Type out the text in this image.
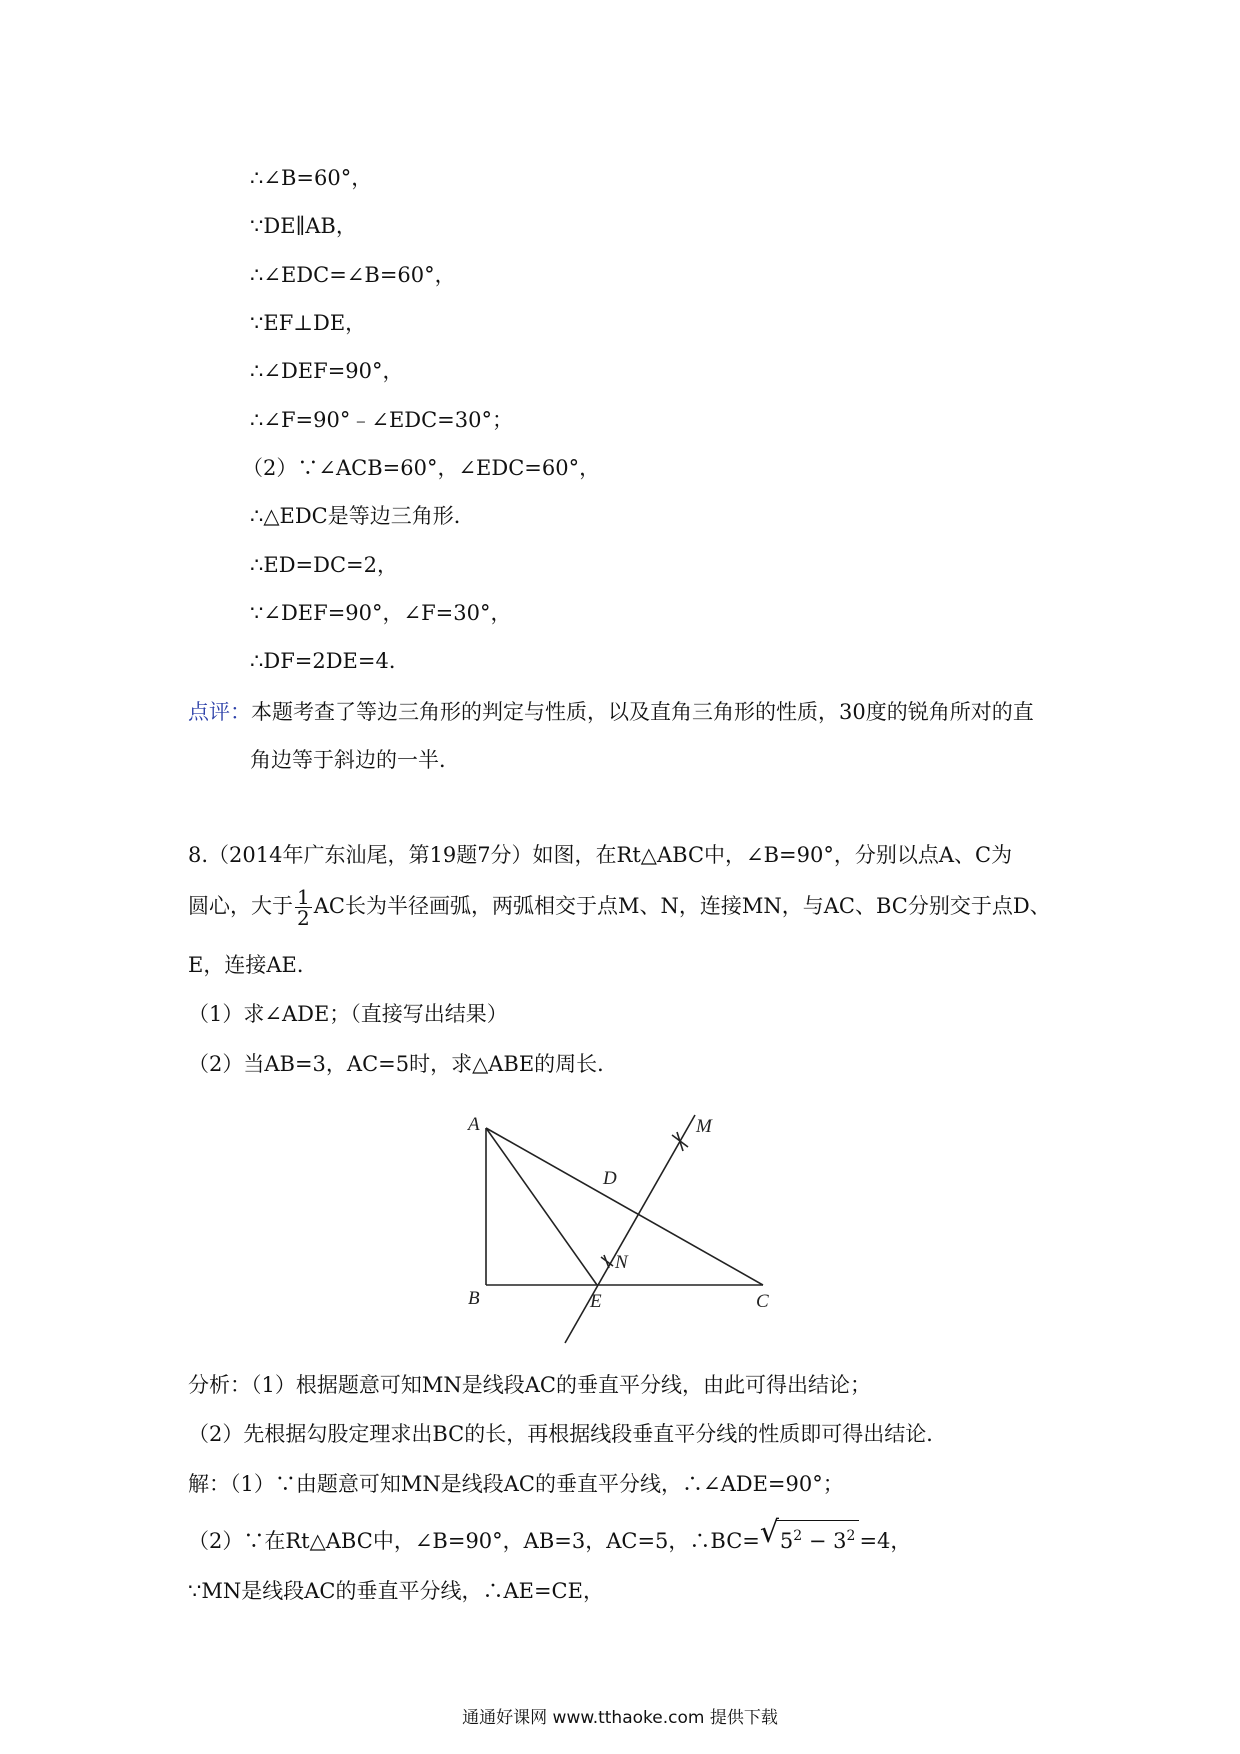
∴∠B=60°，
∵DE∥AB，
∴∠EDC=∠B=60°，
∵EF⊥DE，
∴∠DEF=90°，
∴∠F=90°﹣∠EDC=30°；
（2）∵∠ACB=60°，∠EDC=60°，
∴△EDC是等边三角形．
∴ED=DC=2，
∵∠DEF=90°，∠F=30°，
∴DF=2DE=4．
点评：本题考查了等边三角形的判定与性质，以及直角三角形的性质，30度的锐角所对的直
角边等于斜边的一半．
8.（2014年广东汕尾，第19题7分）如图，在Rt△ABC中，∠B=90°，分别以点A、C为
圆心，大于 $\frac{1}{2}$ AC长为半径画弧，两弧相交于点M、N，连接MN，与AC、BC分别交于点D、
E，连接AE．
（1）求∠ADE；（直接写出结果）
（2）当AB=3，AC=5时，求△ABE的周长．
A
B	C
D
E
M
N
分析：（1）根据题意可知MN是线段AC的垂直平分线，由此可得出结论；
（2）先根据勾股定理求出BC的长，再根据线段垂直平分线的性质即可得出结论．
解：（1）∵由题意可知MN是线段AC的垂直平分线，∴∠ADE=90°；
（2）∵在Rt△ABC中，∠B=90°，AB=3，AC=5，∴BC= √ $5^2 - 3^2 =4$，
∵MN是线段AC的垂直平分线，∴AE=CE，
通通好课网 www.tthaoke.com 提供下载
